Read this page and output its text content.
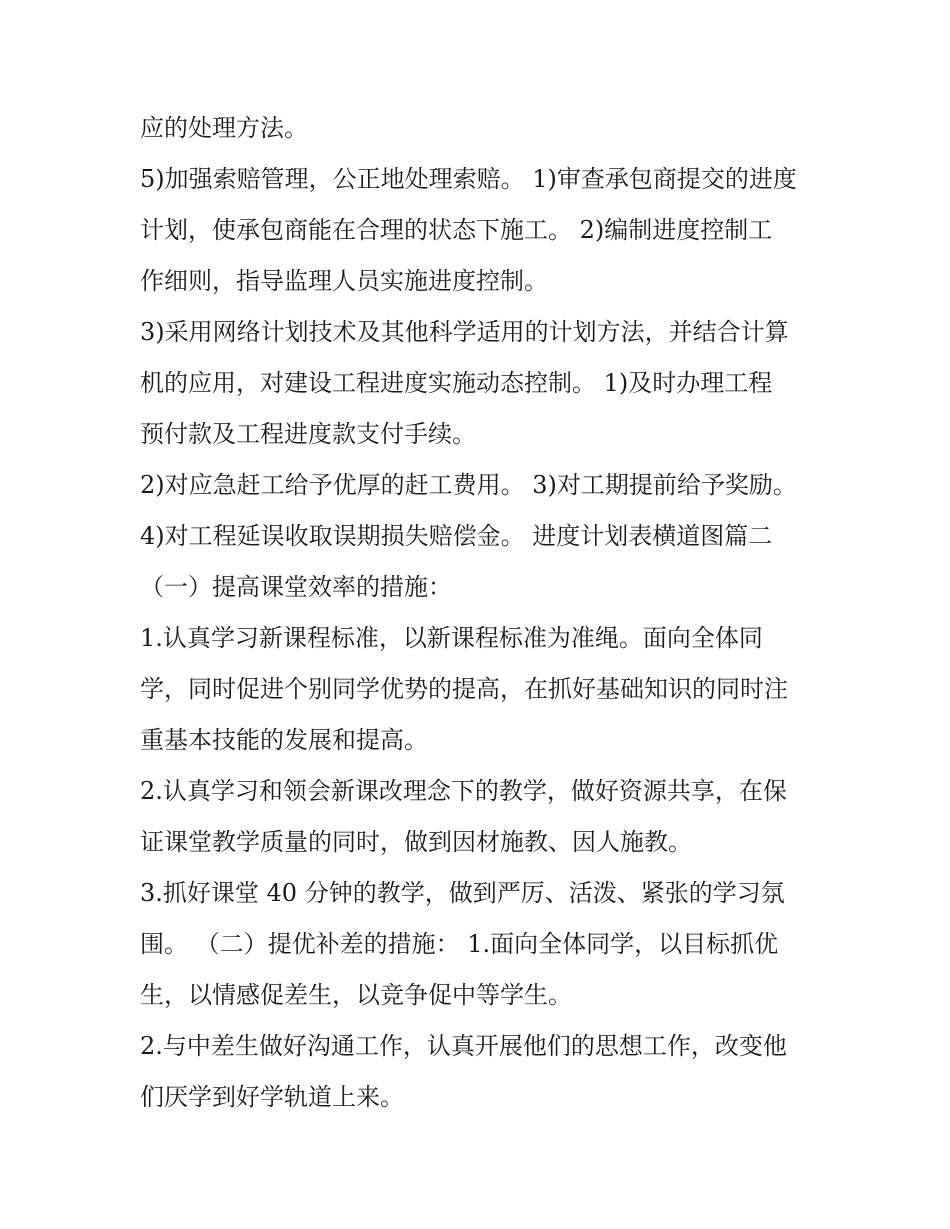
应的处理方法。
5)加强索赔管理，公正地处理索赔。 1)审查承包商提交的进度
计划，使承包商能在合理的状态下施工。 2)编制进度控制工
作细则，指导监理人员实施进度控制。
3)采用网络计划技术及其他科学适用的计划方法，并结合计算
机的应用，对建设工程进度实施动态控制。 1)及时办理工程
预付款及工程进度款支付手续。
2)对应急赶工给予优厚的赶工费用。 3)对工期提前给予奖励。
4)对工程延误收取误期损失赔偿金。 进度计划表横道图篇二
（一）提高课堂效率的措施：
1.认真学习新课程标准，以新课程标准为准绳。面向全体同
学，同时促进个别同学优势的提高，在抓好基础知识的同时注
重基本技能的发展和提高。
2.认真学习和领会新课改理念下的教学，做好资源共享，在保
证课堂教学质量的同时，做到因材施教、因人施教。
3.抓好课堂 40 分钟的教学，做到严厉、活泼、紧张的学习氛
围。 （二）提优补差的措施： 1.面向全体同学，以目标抓优
生，以情感促差生，以竞争促中等学生。
2.与中差生做好沟通工作，认真开展他们的思想工作，改变他
们厌学到好学轨道上来。
